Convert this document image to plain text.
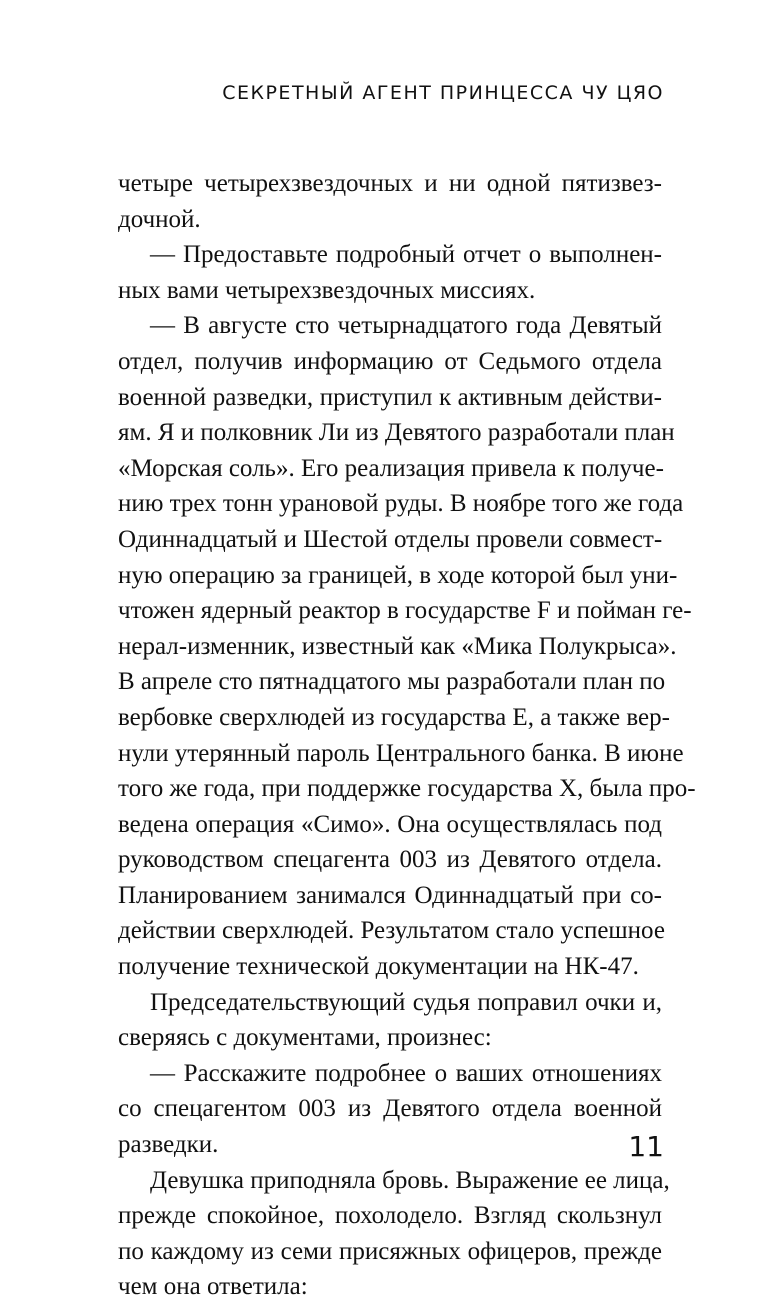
СЕКРЕТНЫЙ АГЕНТ ПРИНЦЕССА ЧУ ЦЯО
четыре четырехзвездочных и ни одной пятизвез-
дочной.
— Предоставьте подробный отчет о выполнен-
ных вами четырехзвездочных миссиях.
— В августе сто четырнадцатого года Девятый
отдел, получив информацию от Седьмого отдела
военной разведки, приступил к активным действи-
ям. Я и полковник Ли из Девятого разработали план
«Морская соль». Его реализация привела к получе-
нию трех тонн урановой руды. В ноябре того же года
Одиннадцатый и Шестой отделы провели совмест-
ную операцию за границей, в ходе которой был уни-
чтожен ядерный реактор в государстве F и пойман ге-
нерал-изменник, известный как «Мика Полукрыса».
В апреле сто пятнадцатого мы разработали план по
вербовке сверхлюдей из государства Е, а также вер-
нули утерянный пароль Центрального банка. В июне
того же года, при поддержке государства X, была про-
ведена операция «Симо». Она осуществлялась под
руководством спецагента 003 из Девятого отдела.
Планированием занимался Одиннадцатый при со-
действии сверхлюдей. Результатом стало успешное
получение технической документации на НК-47.
Председательствующий судья поправил очки и,
сверяясь с документами, произнес:
— Расскажите подробнее о ваших отношениях
со спецагентом 003 из Девятого отдела военной
разведки.
Девушка приподняла бровь. Выражение ее лица,
прежде спокойное, похолодело. Взгляд скользнул
по каждому из семи присяжных офицеров, прежде
чем она ответила:
11
